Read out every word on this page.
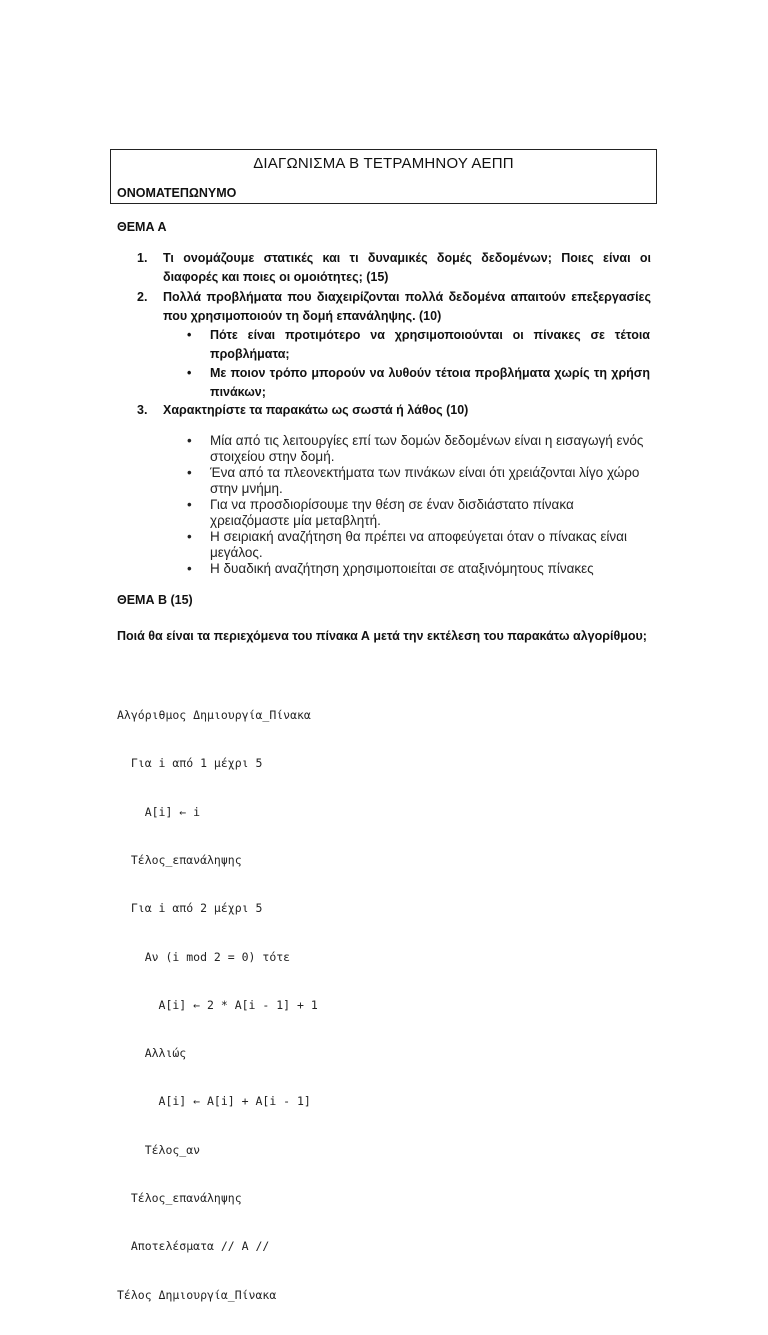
ΔΙΑΓΩΝΙΣΜΑ Β ΤΕΤΡΑΜΗΝΟΥ ΑΕΠΠ
ΟΝΟΜΑΤΕΠΩΝΥΜΟ
ΘΕΜΑ Α
1. Τι ονομάζουμε στατικές και τι δυναμικές δομές δεδομένων; Ποιες είναι οι διαφορές και ποιες οι ομοιότητες; (15)
2. Πολλά προβλήματα που διαχειρίζονται πολλά δεδομένα απαιτούν επεξεργασίες που χρησιμοποιούν τη δομή επανάληψης. (10)
• Πότε είναι προτιμότερο να χρησιμοποιούνται οι πίνακες σε τέτοια προβλήματα;
• Με ποιον τρόπο μπορούν να λυθούν τέτοια προβλήματα χωρίς τη χρήση πινάκων;
3. Χαρακτηρίστε τα παρακάτω ως σωστά ή λάθος (10)
• Μία από τις λειτουργίες επί των δομών δεδομένων είναι η εισαγωγή ενός στοιχείου στην δομή.
• Ένα από τα πλεονεκτήματα των πινάκων είναι ότι χρειάζονται λίγο χώρο στην μνήμη.
• Για να προσδιορίσουμε την θέση σε έναν δισδιάστατο πίνακα χρειαζόμαστε μία μεταβλητή.
• Η σειριακή αναζήτηση θα πρέπει να αποφεύγεται όταν ο πίνακας είναι μεγάλος.
• Η δυαδική αναζήτηση χρησιμοποιείται σε αταξινόμητους πίνακες
ΘΕΜΑ Β (15)
Ποιά θα είναι τα περιεχόμενα του πίνακα Α μετά την εκτέλεση του παρακάτω αλγορίθμου;

Αλγόριθμος Δημιουργία_Πίνακα

Για i από 1 μέχρι 5

A[i] ← i

Τέλος_επανάληψης

Για i από 2 μέχρι 5

Αν (i mod 2 = 0) τότε

A[i] ← 2 * A[i - 1] + 1

Αλλιώς

A[i] ← A[i] + A[i - 1]

Τέλος_αν

Τέλος_επανάληψης

Αποτελέσματα // A //

Τέλος Δημιουργία_Πίνακα
